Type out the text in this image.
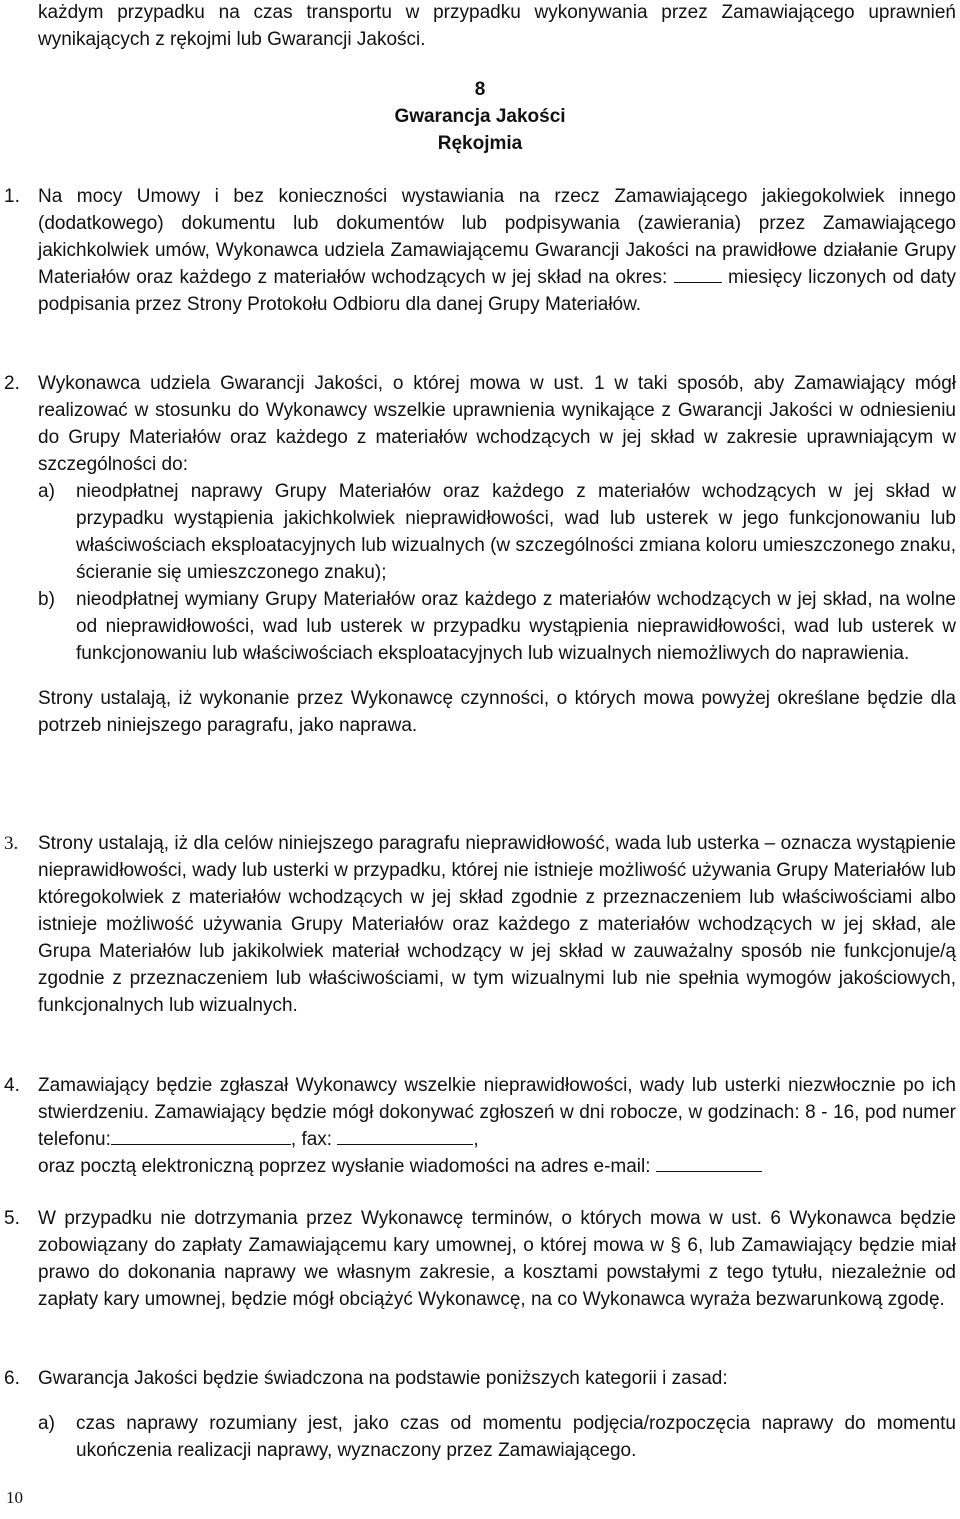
każdym przypadku na czas transportu w przypadku wykonywania przez Zamawiającego uprawnień wynikających z rękojmi lub Gwarancji Jakości.
8
Gwarancja Jakości
Rękojmia
1. Na mocy Umowy i bez konieczności wystawiania na rzecz Zamawiającego jakiegokolwiek innego (dodatkowego) dokumentu lub dokumentów lub podpisywania (zawierania) przez Zamawiającego jakichkolwiek umów, Wykonawca udziela Zamawiającemu Gwarancji Jakości na prawidłowe działanie Grupy Materiałów oraz każdego z materiałów wchodzących w jej skład na okres:	miesięcy liczonych od daty podpisania przez Strony Protokołu Odbioru dla danej Grupy Materiałów.
2. Wykonawca udziela Gwarancji Jakości, o której mowa w ust. 1 w taki sposób, aby Zamawiający mógł realizować w stosunku do Wykonawcy wszelkie uprawnienia wynikające z Gwarancji Jakości w odniesieniu do Grupy Materiałów oraz każdego z materiałów wchodzących w jej skład w zakresie uprawniającym w szczególności do:
a) nieodpłatnej naprawy Grupy Materiałów oraz każdego z materiałów wchodzących w jej skład w przypadku wystąpienia jakichkolwiek nieprawidłowości, wad lub usterek w jego funkcjonowaniu lub właściwościach eksploatacyjnych lub wizualnych (w szczególności zmiana koloru umieszczonego znaku, ścieranie się umieszczonego znaku);
b) nieodpłatnej wymiany Grupy Materiałów oraz każdego z materiałów wchodzących w jej skład, na wolne od nieprawidłowości, wad lub usterek w przypadku wystąpienia nieprawidłowości, wad lub usterek w funkcjonowaniu lub właściwościach eksploatacyjnych lub wizualnych niemożliwych do naprawienia.
Strony ustalają, iż wykonanie przez Wykonawcę czynności, o których mowa powyżej określane będzie dla potrzeb niniejszego paragrafu, jako naprawa.
3. Strony ustalają, iż dla celów niniejszego paragrafu nieprawidłowość, wada lub usterka – oznacza wystąpienie nieprawidłowości, wady lub usterki w przypadku, której nie istnieje możliwość używania Grupy Materiałów lub któregokolwiek z materiałów wchodzących w jej skład zgodnie z przeznaczeniem lub właściwościami albo istnieje możliwość używania Grupy Materiałów oraz każdego z materiałów wchodzących w jej skład, ale Grupa Materiałów lub jakikolwiek materiał wchodzący w jej skład w zauważalny sposób nie funkcjonuje/ą zgodnie z przeznaczeniem lub właściwościami, w tym wizualnymi lub nie spełnia wymogów jakościowych, funkcjonalnych lub wizualnych.
4. Zamawiający będzie zgłaszał Wykonawcy wszelkie nieprawidłowości, wady lub usterki niezwłocznie po ich stwierdzeniu. Zamawiający będzie mógł dokonywać zgłoszeń w dni robocze, w godzinach: 8 - 16, pod numer telefonu:	, fax:	,
oraz pocztą elektroniczną poprzez wysłanie wiadomości na adres e-mail:
5. W przypadku nie dotrzymania przez Wykonawcę terminów, o których mowa w ust. 6 Wykonawca będzie zobowiązany do zapłaty Zamawiającemu kary umownej, o której mowa w § 6, lub Zamawiający będzie miał prawo do dokonania naprawy we własnym zakresie, a kosztami powstałymi z tego tytułu, niezależnie od zapłaty kary umownej, będzie mógł obciążyć Wykonawcę, na co Wykonawca wyraża bezwarunkową zgodę.
6. Gwarancja Jakości będzie świadczona na podstawie poniższych kategorii i zasad:
a) czas naprawy rozumiany jest, jako czas od momentu podjęcia/rozpoczęcia naprawy do momentu ukończenia realizacji naprawy, wyznaczony przez Zamawiającego.
10
